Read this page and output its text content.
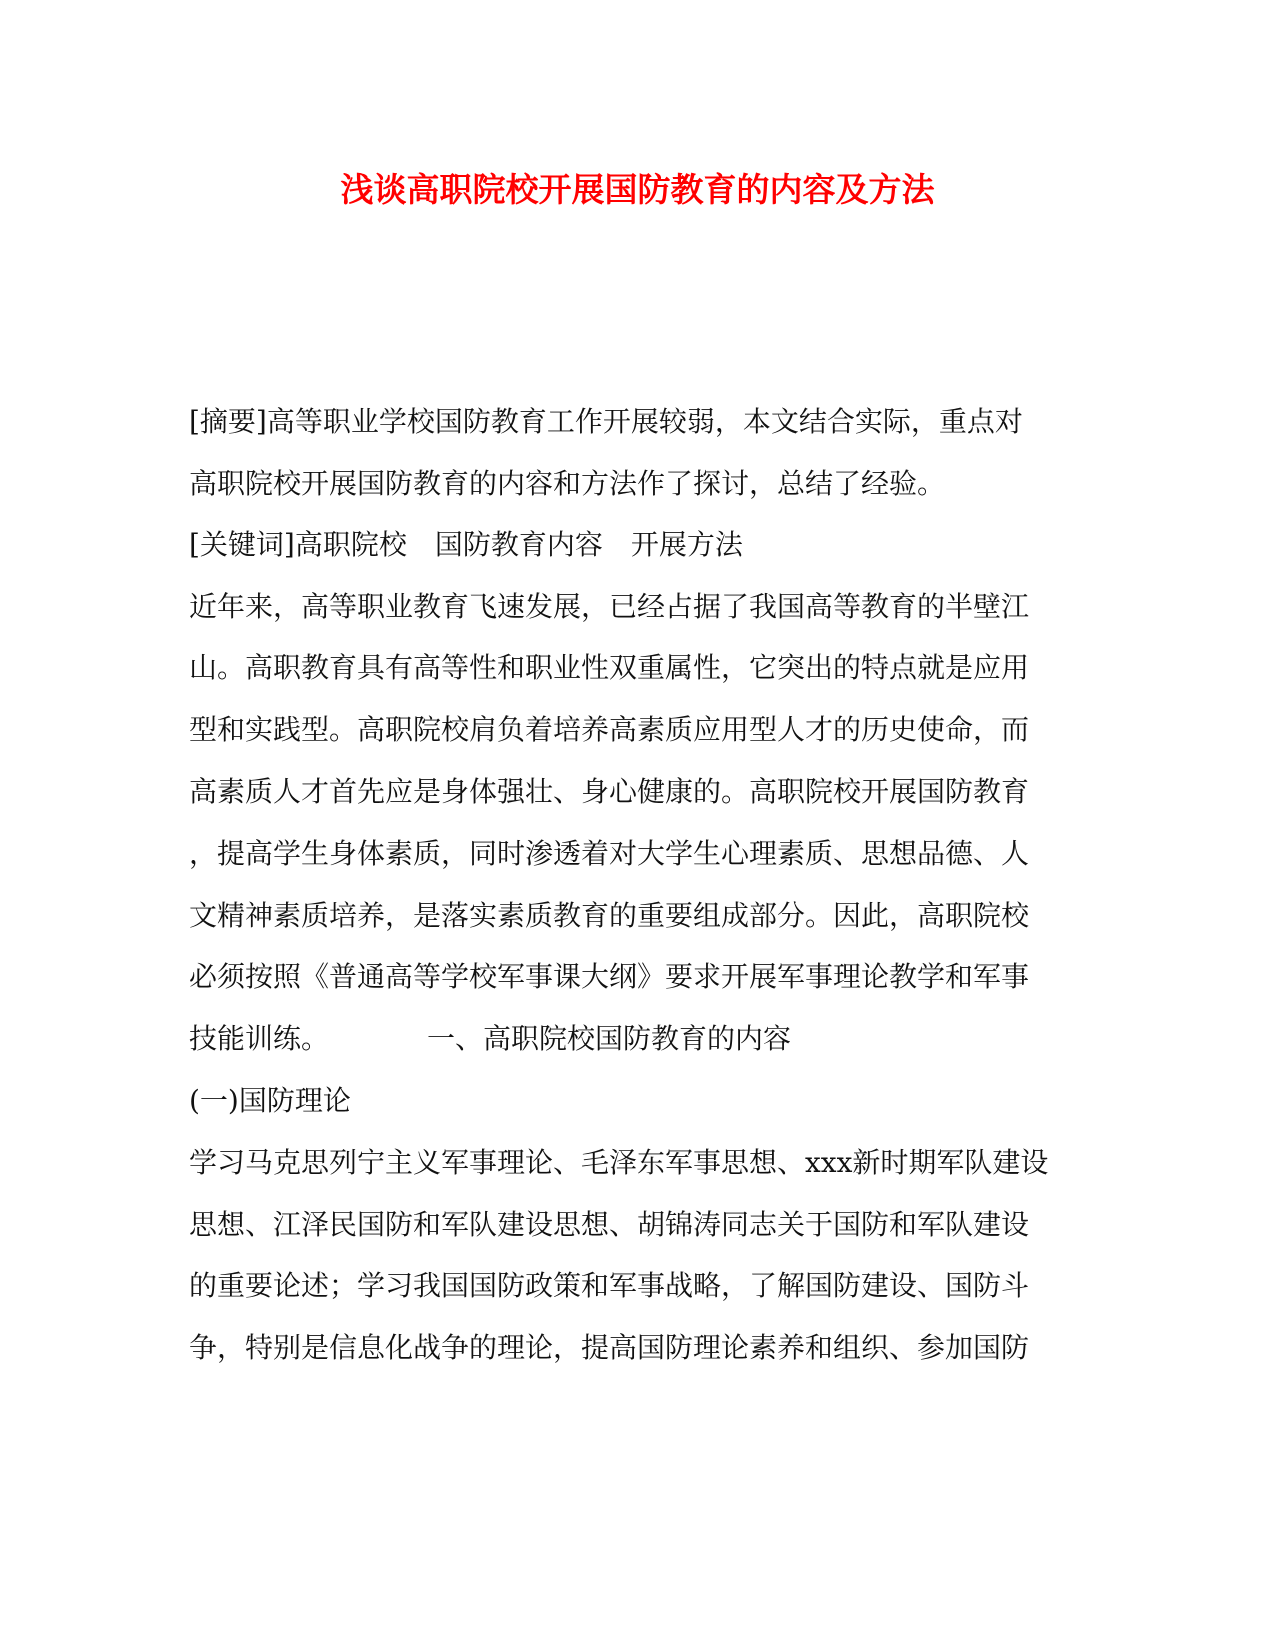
浅谈高职院校开展国防教育的内容及方法
[摘要]高等职业学校国防教育工作开展较弱，本文结合实际，重点对
高职院校开展国防教育的内容和方法作了探讨，总结了经验。
[关键词]高职院校　国防教育内容　开展方法
近年来，高等职业教育飞速发展，已经占据了我国高等教育的半壁江
山。高职教育具有高等性和职业性双重属性，它突出的特点就是应用
型和实践型。高职院校肩负着培养高素质应用型人才的历史使命，而
高素质人才首先应是身体强壮、身心健康的。高职院校开展国防教育
，提高学生身体素质，同时渗透着对大学生心理素质、思想品德、人
文精神素质培养，是落实素质教育的重要组成部分。因此，高职院校
必须按照《普通高等学校军事课大纲》要求开展军事理论教学和军事
技能训练。	一、高职院校国防教育的内容
(一)国防理论
学习马克思列宁主义军事理论、毛泽东军事思想、xxx新时期军队建设
思想、江泽民国防和军队建设思想、胡锦涛同志关于国防和军队建设
的重要论述；学习我国国防政策和军事战略，了解国防建设、国防斗
争，特别是信息化战争的理论，提高国防理论素养和组织、参加国防
